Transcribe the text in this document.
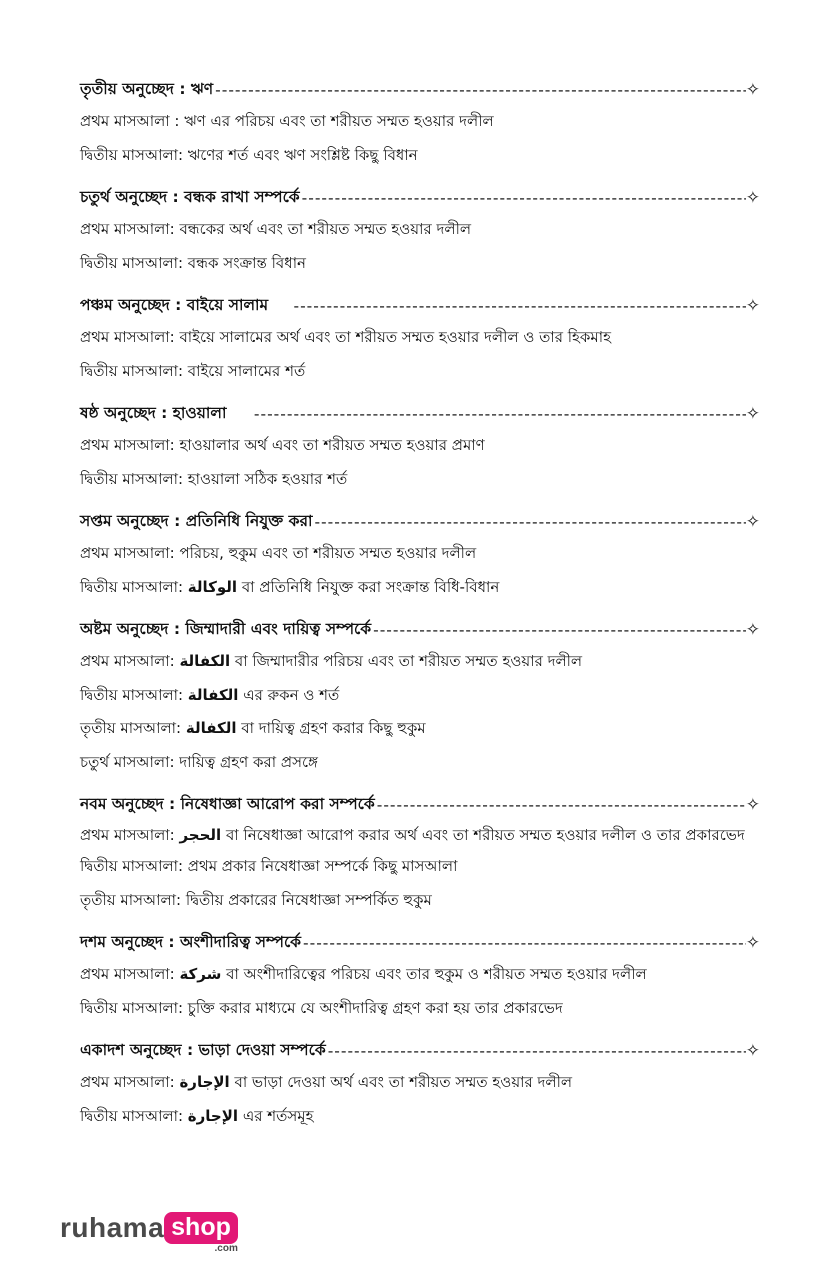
তৃতীয় অনুচ্ছেদ : ঋণ -----	✧
প্রথম মাসআলা : ঋণ এর পরিচয় এবং তা শরীয়ত সম্মত হওয়ার দলীল
দ্বিতীয় মাসআলা: ঋণের শর্ত এবং ঋণ সংশ্লিষ্ট কিছু বিধান
চতুর্থ অনুচ্ছেদ : বন্ধক রাখা সম্পর্কে -----	✧
প্রথম মাসআলা: বন্ধকের অর্থ এবং তা শরীয়ত সম্মত হওয়ার দলীল
দ্বিতীয় মাসআলা: বন্ধক সংক্রান্ত বিধান
পঞ্চম অনুচ্ছেদ : বাইয়ে সালাম -----	✧
প্রথম মাসআলা: বাইয়ে সালামের অর্থ এবং তা শরীয়ত সম্মত হওয়ার দলীল ও তার হিকমাহ
দ্বিতীয় মাসআলা: বাইয়ে সালামের শর্ত
ষষ্ঠ অনুচ্ছেদ : হাওয়ালা -----	✧
প্রথম মাসআলা: হাওয়ালার অর্থ এবং তা শরীয়ত সম্মত হওয়ার প্রমাণ
দ্বিতীয় মাসআলা: হাওয়ালা সঠিক হওয়ার শর্ত
সপ্তম অনুচ্ছেদ : প্রতিনিধি নিযুক্ত করা -----	✧
প্রথম মাসআলা: পরিচয়, হুকুম এবং তা শরীয়ত সম্মত হওয়ার দলীল
দ্বিতীয় মাসআলা: الوكالة বা প্রতিনিধি নিযুক্ত করা সংক্রান্ত বিধি-বিধান
অষ্টম অনুচ্ছেদ : জিম্মাদারী এবং দায়িত্ব সম্পর্কে -----	✧
প্রথম মাসআলা: الكفالة বা জিম্মাদারীর পরিচয় এবং তা শরীয়ত সম্মত হওয়ার দলীল
দ্বিতীয় মাসআলা: الكفالة এর রুকন ও শর্ত
তৃতীয় মাসআলা: الكفالة বা দায়িত্ব গ্রহণ করার কিছু হুকুম
চতুর্থ মাসআলা: দায়িত্ব গ্রহণ করা প্রসঙ্গে
নবম অনুচ্ছেদ : নিষেধাজ্ঞা আরোপ করা সম্পর্কে -----	✧
প্রথম মাসআলা: الحجر বা নিষেধাজ্ঞা আরোপ করার অর্থ এবং তা শরীয়ত সম্মত হওয়ার দলীল ও তার প্রকারভেদ
দ্বিতীয় মাসআলা: প্রথম প্রকার নিষেধাজ্ঞা সম্পর্কে কিছু মাসআলা
তৃতীয় মাসআলা: দ্বিতীয় প্রকারের নিষেধাজ্ঞা সম্পর্কিত হুকুম
দশম অনুচ্ছেদ : অংশীদারিত্ব সম্পর্কে -----	✧
প্রথম মাসআলা: شركة বা অংশীদারিত্বের পরিচয় এবং তার হুকুম ও শরীয়ত সম্মত হওয়ার দলীল
দ্বিতীয় মাসআলা: চুক্তি করার মাধ্যমে যে অংশীদারিত্ব গ্রহণ করা হয় তার প্রকারভেদ
একাদশ অনুচ্ছেদ : ভাড়া দেওয়া সম্পর্কে -----	✧
প্রথম মাসআলা: الإجارة বা ভাড়া দেওয়া অর্থ এবং তা শরীয়ত সম্মত হওয়ার দলীল
দ্বিতীয় মাসআলা: الإجارة এর শর্তসমূহ
ruhama shop
.com
